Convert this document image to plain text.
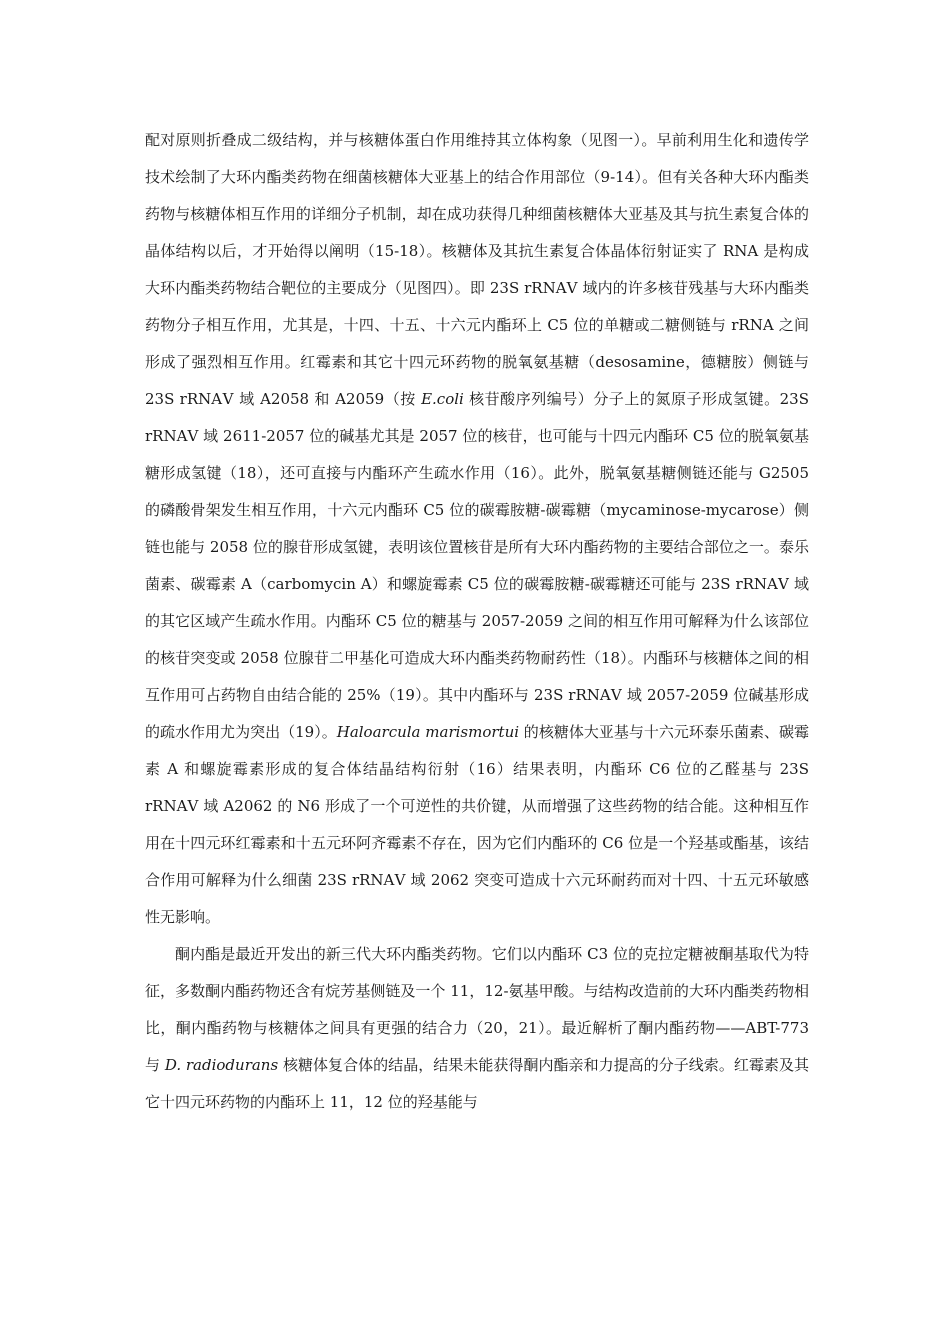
配对原则折叠成二级结构，并与核糖体蛋白作用维持其立体构象（见图一）。早前利用生化和遗传学技术绘制了大环内酯类药物在细菌核糖体大亚基上的结合作用部位（9-14）。但有关各种大环内酯类药物与核糖体相互作用的详细分子机制，却在成功获得几种细菌核糖体大亚基及其与抗生素复合体的晶体结构以后，才开始得以阐明（15-18）。核糖体及其抗生素复合体晶体衍射证实了 RNA 是构成大环内酯类药物结合靶位的主要成分（见图四）。即 23S rRNAⅤ 域内的许多核苷残基与大环内酯类药物分子相互作用，尤其是，十四、十五、十六元内酯环上 C5 位的单糖或二糖侧链与 rRNA 之间形成了强烈相互作用。红霉素和其它十四元环药物的脱氧氨基糖（desosamine，德糖胺）侧链与 23S rRNAⅤ 域 A2058 和 A2059（按 E.coli 核苷酸序列编号）分子上的氮原子形成氢键。23S rRNAⅤ 域 2611-2057 位的碱基尤其是 2057 位的核苷，也可能与十四元内酯环 C5 位的脱氧氨基糖形成氢键（18），还可直接与内酯环产生疏水作用（16）。此外，脱氧氨基糖侧链还能与 G2505 的磷酸骨架发生相互作用，十六元内酯环 C5 位的碳霉胺糖-碳霉糖（mycaminose-mycarose）侧链也能与 2058 位的腺苷形成氢键，表明该位置核苷是所有大环内酯药物的主要结合部位之一。泰乐菌素、碳霉素 A（carbomycin A）和螺旋霉素 C5 位的碳霉胺糖-碳霉糖还可能与 23S rRNAⅤ 域的其它区域产生疏水作用。内酯环 C5 位的糖基与 2057-2059 之间的相互作用可解释为什么该部位的核苷突变或 2058 位腺苷二甲基化可造成大环内酯类药物耐药性（18）。内酯环与核糖体之间的相互作用可占药物自由结合能的 25%（19）。其中内酯环与 23S rRNAⅤ 域 2057-2059 位碱基形成的疏水作用尤为突出（19）。Haloarcula marismortui 的核糖体大亚基与十六元环泰乐菌素、碳霉素 A 和螺旋霉素形成的复合体结晶结构衍射（16）结果表明，内酯环 C6 位的乙醛基与 23S rRNAⅤ 域 A2062 的 N6 形成了一个可逆性的共价键，从而增强了这些药物的结合能。这种相互作用在十四元环红霉素和十五元环阿齐霉素不存在，因为它们内酯环的 C6 位是一个羟基或酯基，该结合作用可解释为什么细菌 23S rRNAⅤ 域 2062 突变可造成十六元环耐药而对十四、十五元环敏感性无影响。

酮内酯是最近开发出的新三代大环内酯类药物。它们以内酯环 C3 位的克拉定糖被酮基取代为特征，多数酮内酯药物还含有烷芳基侧链及一个 11，12-氨基甲酸。与结构改造前的大环内酯类药物相比，酮内酯药物与核糖体之间具有更强的结合力（20，21）。最近解析了酮内酯药物——ABT-773 与 D. radiodurans 核糖体复合体的结晶，结果未能获得酮内酯亲和力提高的分子线索。红霉素及其它十四元环药物的内酯环上 11，12 位的羟基能与
